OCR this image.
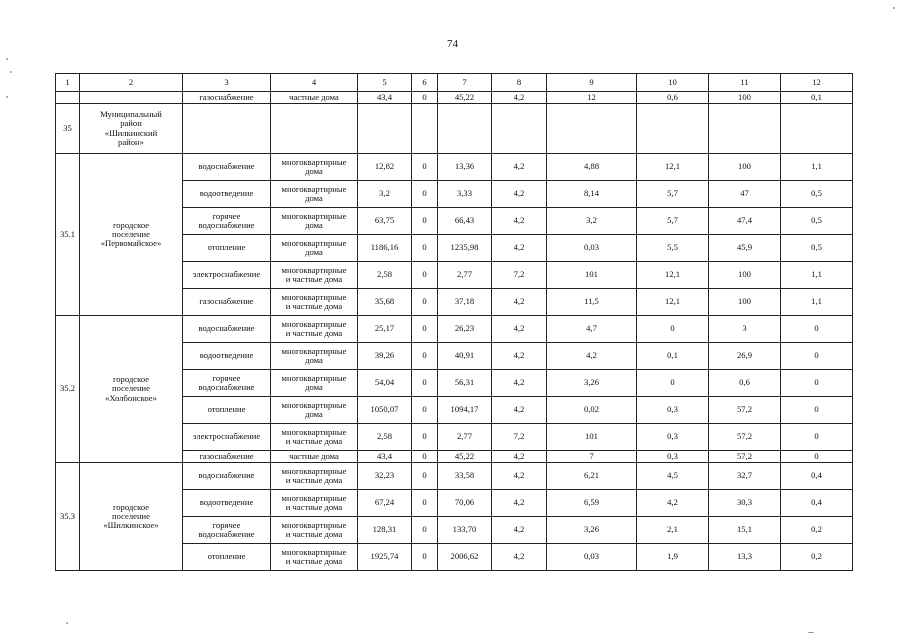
74
1	2	3	4	5	6	7	8	9	10	11	12
		газоснабжение	частные дома	43,4	0	45,22	4,2	12	0,6	100	0,1
35	Муниципальный
район
«Шилкинский
район»										
35.1	городское
поселение
«Первомайское»	водоснабжение	многоквартирные
дома	12,82	0	13,36	4,2	4,88	12,1	100	1,1
		водоотведение	многоквартирные
дома	3,2	0	3,33	4,2	8,14	5,7	47	0,5
		горячее
водоснабжение	многоквартирные
дома	63,75	0	66,43	4,2	3,2	5,7	47,4	0,5
		отопление	многоквартирные
дома	1186,16	0	1235,98	4,2	0,03	5,5	45,9	0,5
		электроснабжение	многоквартирные
и частные дома	2,58	0	2,77	7,2	101	12,1	100	1,1
		газоснабжение	многоквартирные
и частные дома	35,68	0	37,18	4,2	11,5	12,1	100	1,1
35.2	городское
поселение
«Холбонское»	водоснабжение	многоквартирные
и частные дома	25,17	0	26,23	4,2	4,7	0	3	0
		водоотведение	многоквартирные
дома	39,26	0	40,91	4,2	4,2	0,1	26,9	0
		горячее
водоснабжение	многоквартирные
дома	54,04	0	56,31	4,2	3,26	0	0,6	0
		отопление	многоквартирные
дома	1050,07	0	1094,17	4,2	0,02	0,3	57,2	0
		электроснабжение	многоквартирные
и частные дома	2,58	0	2,77	7,2	101	0,3	57,2	0
		газоснабжение	частные дома	43,4	0	45,22	4,2	7	0,3	57,2	0
35.3	городское
поселение
«Шилкинское»	водоснабжение	многоквартирные
и частные дома	32,23	0	33,58	4,2	6,21	4,5	32,7	0,4
		водоотведение	многоквартирные
и частные дома	67,24	0	70,06	4,2	6,59	4,2	30,3	0,4
		горячее
водоснабжение	многоквартирные
и частные дома	128,31	0	133,70	4,2	3,26	2,1	15,1	0,2
		отопление	многоквартирные
и частные дома	1925,74	0	2006,62	4,2	0,03	1,9	13,3	0,2
